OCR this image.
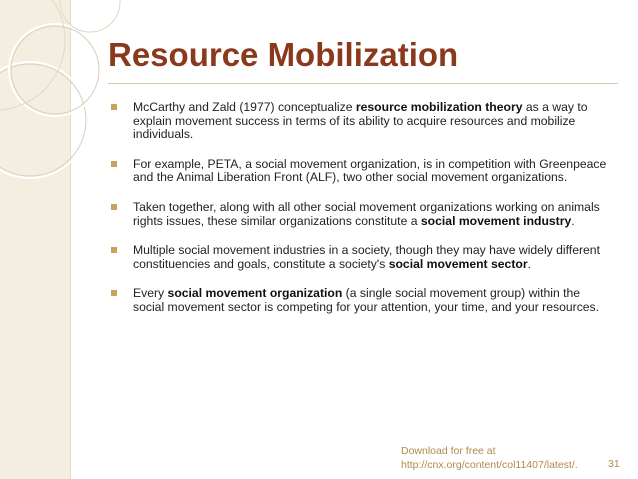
Resource Mobilization
McCarthy and Zald (1977) conceptualize resource mobilization theory as a way to explain movement success in terms of its ability to acquire resources and mobilize individuals.
For example, PETA, a social movement organization, is in competition with Greenpeace and the Animal Liberation Front (ALF), two other social movement organizations.
Taken together, along with all other social movement organizations working on animals rights issues, these similar organizations constitute a social movement industry.
Multiple social movement industries in a society, though they may have widely different constituencies and goals, constitute a society's social movement sector.
Every social movement organization (a single social movement group) within the social movement sector is competing for your attention, your time, and your resources.
Download for free at
http://cnx.org/content/col11407/latest/.	31
